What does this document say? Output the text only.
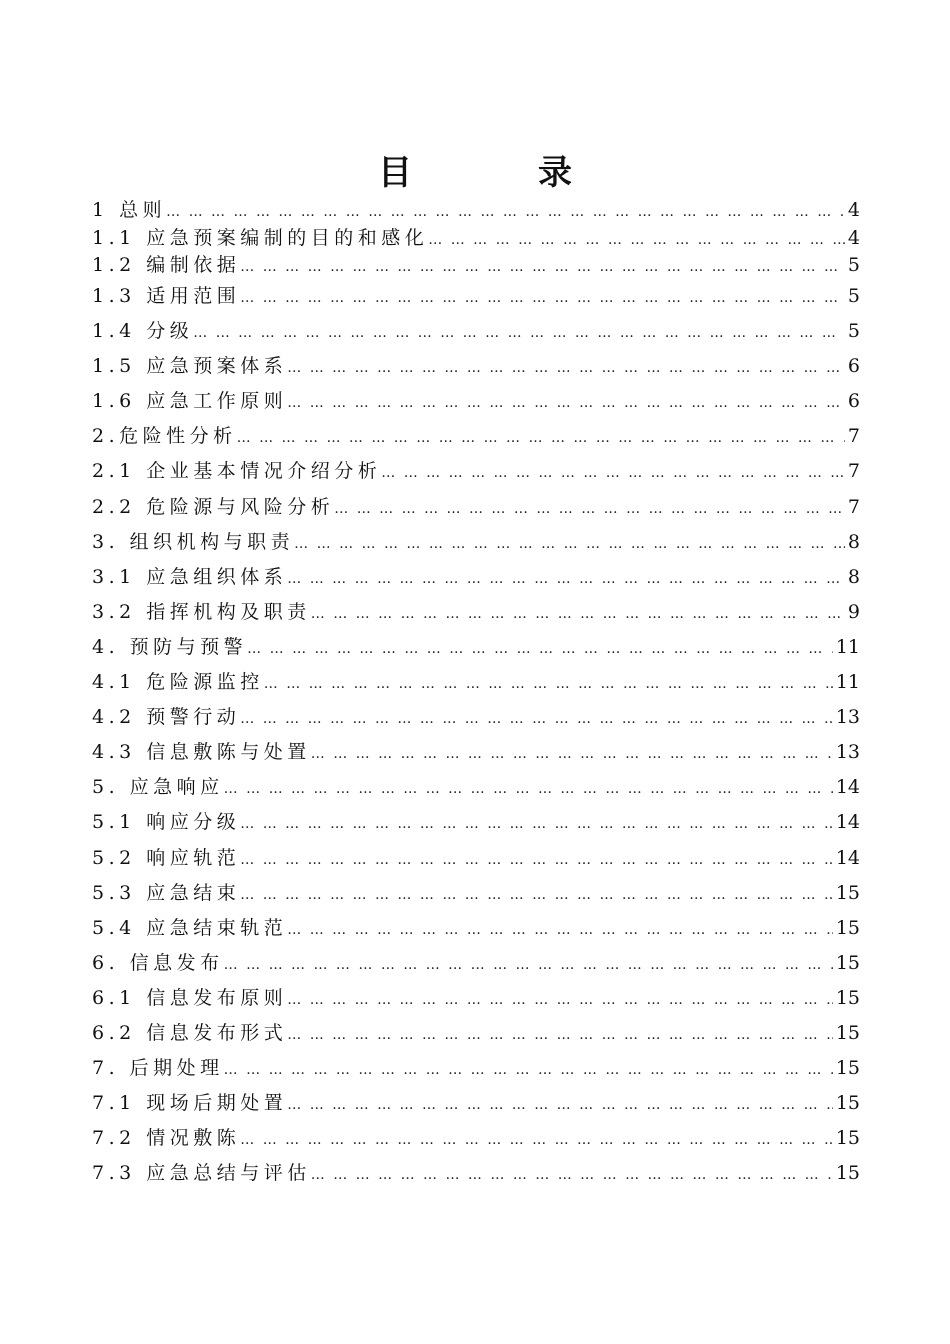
目　录
1 总则 … … … … … … … … … … … … … … … … … … … … … … … … … … … … … … … … … … … … … … … … … …	4
1.1 应急预案编制的目的和感化 … … … … … … … … … … … … … … … … … … … … … … … … … … … … … … … … … … … … … … … … … …	4
1.2 编制依据 … … … … … … … … … … … … … … … … … … … … … … … … … … … … … … … … … … … … … … … … … …	5
1.3 适用范围 … … … … … … … … … … … … … … … … … … … … … … … … … … … … … … … … … … … … … … … … … …	5
1.4 分级 … … … … … … … … … … … … … … … … … … … … … … … … … … … … … … … … … … … … … … … … … …	5
1.5 应急预案体系 … … … … … … … … … … … … … … … … … … … … … … … … … … … … … … … … … … … … … … … … … …	6
1.6 应急工作原则 … … … … … … … … … … … … … … … … … … … … … … … … … … … … … … … … … … … … … … … … … …	6
2.危险性分析 … … … … … … … … … … … … … … … … … … … … … … … … … … … … … … … … … … … … … … … … … …	7
2.1 企业基本情况介绍分析 … … … … … … … … … … … … … … … … … … … … … … … … … … … … … … … … … … … … … … … … … …	7
2.2 危险源与风险分析 … … … … … … … … … … … … … … … … … … … … … … … … … … … … … … … … … … … … … … … … … …	7
3. 组织机构与职责 … … … … … … … … … … … … … … … … … … … … … … … … … … … … … … … … … … … … … … … … … …	8
3.1 应急组织体系 … … … … … … … … … … … … … … … … … … … … … … … … … … … … … … … … … … … … … … … … … …	8
3.2 指挥机构及职责 … … … … … … … … … … … … … … … … … … … … … … … … … … … … … … … … … … … … … … … … … …	9
4. 预防与预警 … … … … … … … … … … … … … … … … … … … … … … … … … … … … … … … … … … … … … … … … … …	11
4.1 危险源监控 … … … … … … … … … … … … … … … … … … … … … … … … … … … … … … … … … … … … … … … … … …	11
4.2 预警行动 … … … … … … … … … … … … … … … … … … … … … … … … … … … … … … … … … … … … … … … … … …	13
4.3 信息敷陈与处置 … … … … … … … … … … … … … … … … … … … … … … … … … … … … … … … … … … … … … … … … … …	13
5. 应急响应 … … … … … … … … … … … … … … … … … … … … … … … … … … … … … … … … … … … … … … … … … …	14
5.1 响应分级 … … … … … … … … … … … … … … … … … … … … … … … … … … … … … … … … … … … … … … … … … …	14
5.2 响应轨范 … … … … … … … … … … … … … … … … … … … … … … … … … … … … … … … … … … … … … … … … … …	14
5.3 应急结束 … … … … … … … … … … … … … … … … … … … … … … … … … … … … … … … … … … … … … … … … … …	15
5.4 应急结束轨范 … … … … … … … … … … … … … … … … … … … … … … … … … … … … … … … … … … … … … … … … … …	15
6. 信息发布 … … … … … … … … … … … … … … … … … … … … … … … … … … … … … … … … … … … … … … … … … …	15
6.1 信息发布原则 … … … … … … … … … … … … … … … … … … … … … … … … … … … … … … … … … … … … … … … … … …	15
6.2 信息发布形式 … … … … … … … … … … … … … … … … … … … … … … … … … … … … … … … … … … … … … … … … … …	15
7. 后期处理 … … … … … … … … … … … … … … … … … … … … … … … … … … … … … … … … … … … … … … … … … …	15
7.1 现场后期处置 … … … … … … … … … … … … … … … … … … … … … … … … … … … … … … … … … … … … … … … … … …	15
7.2 情况敷陈 … … … … … … … … … … … … … … … … … … … … … … … … … … … … … … … … … … … … … … … … … …	15
7.3 应急总结与评估 … … … … … … … … … … … … … … … … … … … … … … … … … … … … … … … … … … … … … … … … … …	15
